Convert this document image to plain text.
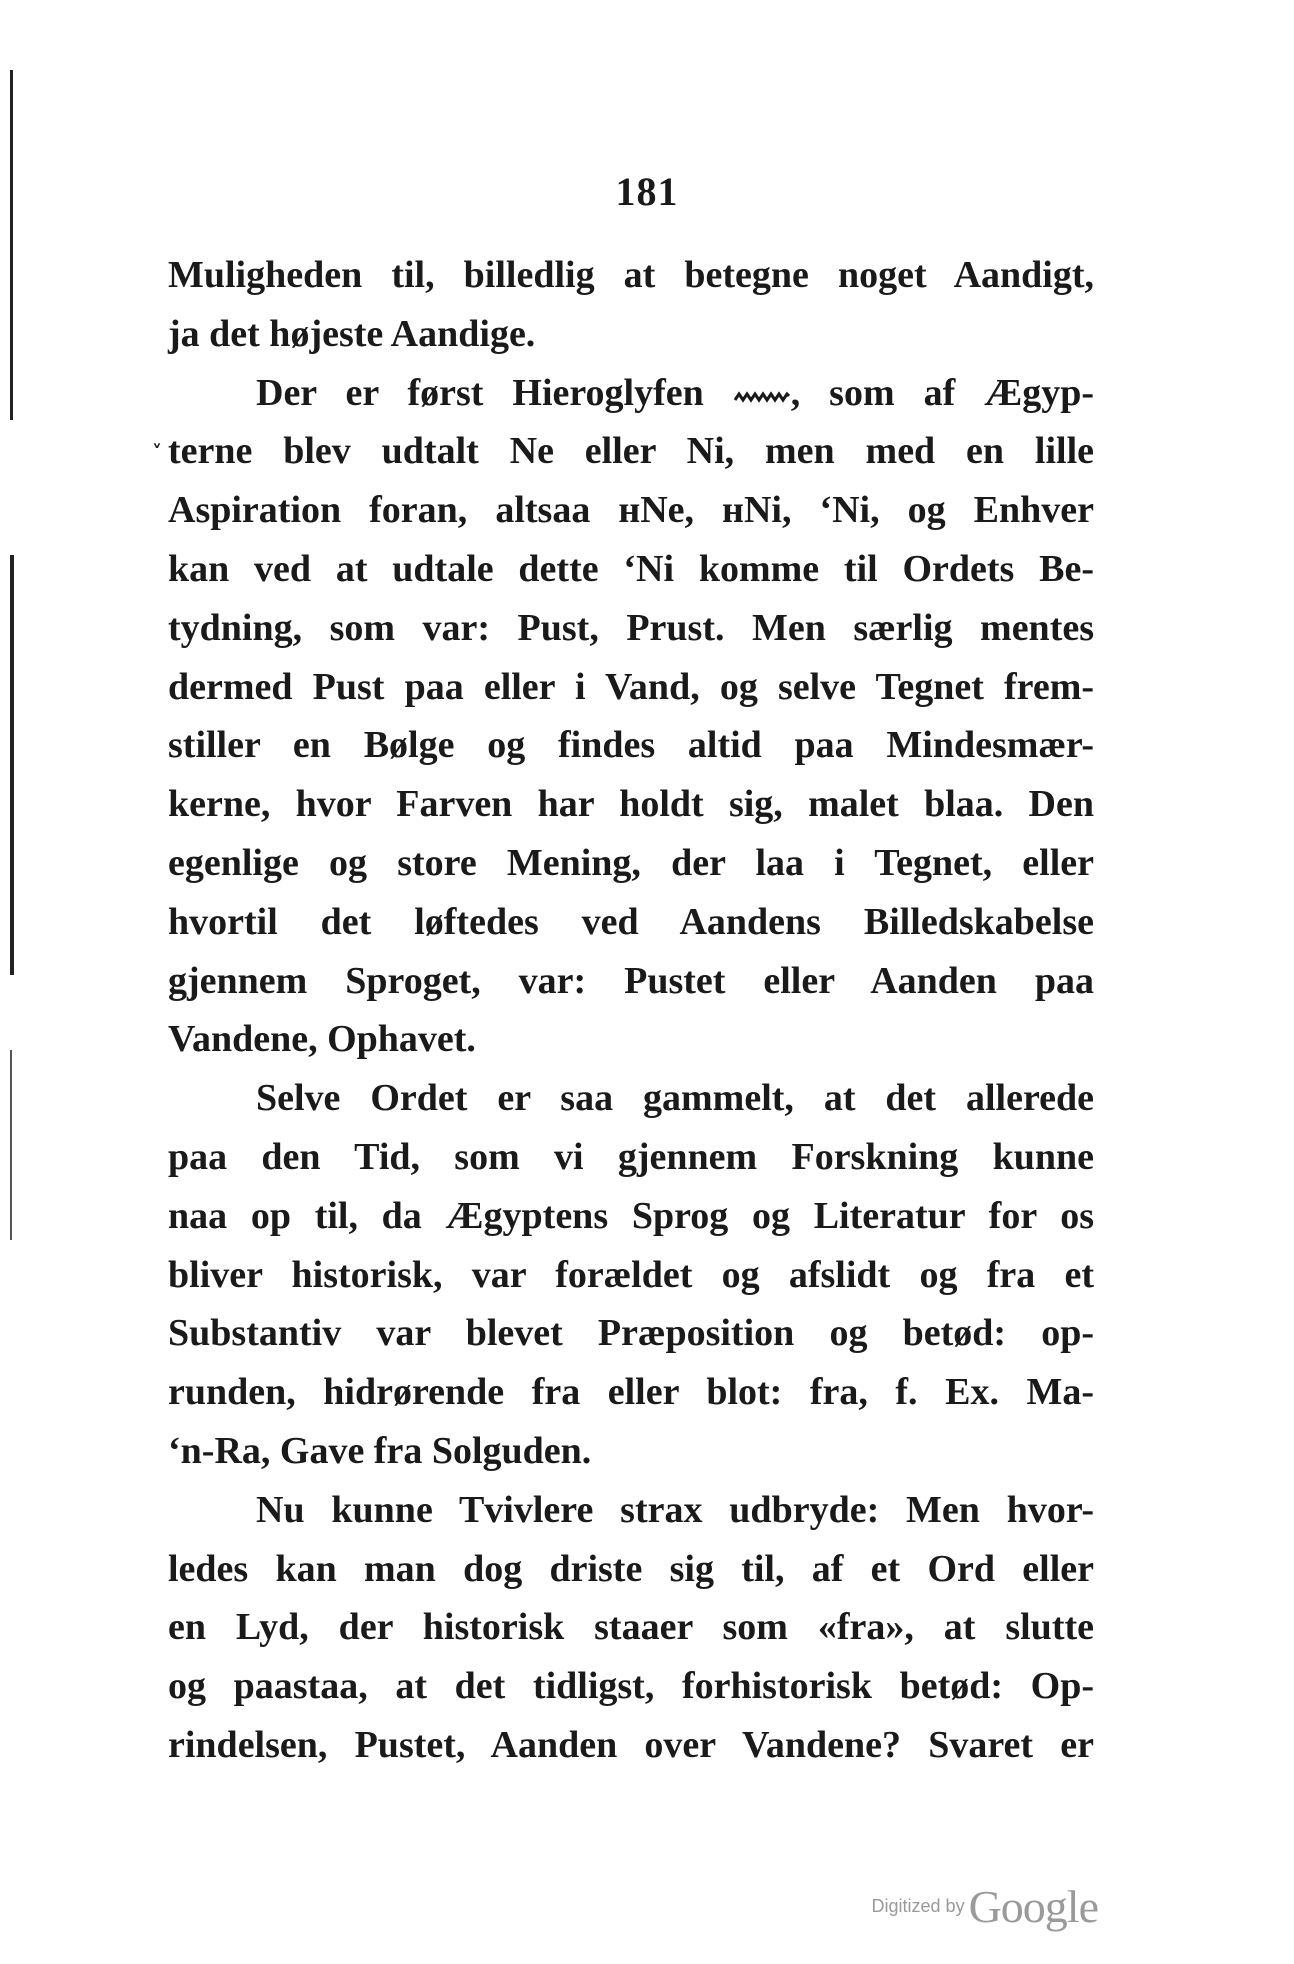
˅
181
Muligheden til, billedlig at betegne noget Aandigt,
ja det højeste Aandige.
Der er først Hieroglyfen , som af Ægyp-
terne blev udtalt Ne eller Ni, men med en lille
Aspiration foran, altsaa ʜNe, ʜNi, ‘Ni, og Enhver
kan ved at udtale dette ‘Ni komme til Ordets Be-
tydning, som var: Pust, Prust. Men særlig mentes
dermed Pust paa eller i Vand, og selve Tegnet frem-
stiller en Bølge og findes altid paa Mindesmær-
kerne, hvor Farven har holdt sig, malet blaa. Den
egenlige og store Mening, der laa i Tegnet, eller
hvortil det løftedes ved Aandens Billedskabelse
gjennem Sproget, var: Pustet eller Aanden paa
Vandene, Ophavet.
Selve Ordet er saa gammelt, at det allerede
paa den Tid, som vi gjennem Forskning kunne
naa op til, da Ægyptens Sprog og Literatur for os
bliver historisk, var forældet og afslidt og fra et
Substantiv var blevet Præposition og betød: op-
runden, hidrørende fra eller blot: fra, f. Ex. Ma-
‘n-Ra, Gave fra Solguden.
Nu kunne Tvivlere strax udbryde: Men hvor-
ledes kan man dog driste sig til, af et Ord eller
en Lyd, der historisk staaer som «fra», at slutte
og paastaa, at det tidligst, forhistorisk betød: Op-
rindelsen, Pustet, Aanden over Vandene? Svaret er
Digitized by Google
